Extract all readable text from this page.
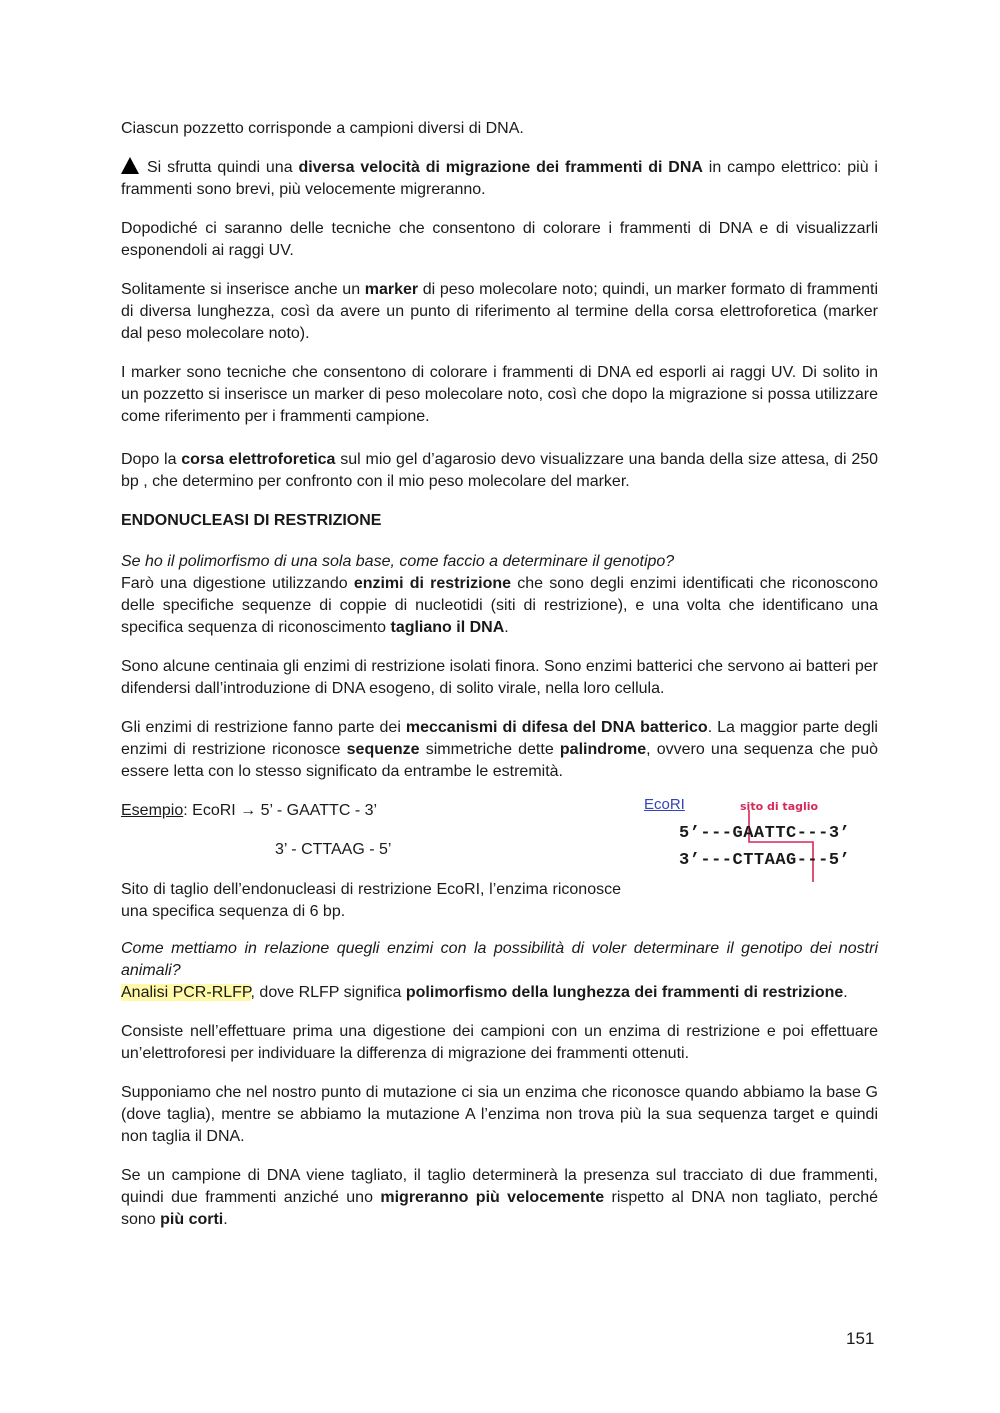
Ciascun pozzetto corrisponde a campioni diversi di DNA.

Si sfrutta quindi una diversa velocità di migrazione dei frammenti di DNA in campo elettrico: più i frammenti sono brevi, più velocemente migreranno.

Dopodiché ci saranno delle tecniche che consentono di colorare i frammenti di DNA e di visualizzarli esponendoli ai raggi UV.

Solitamente si inserisce anche un marker di peso molecolare noto; quindi, un marker formato di frammenti di diversa lunghezza, così da avere un punto di riferimento al termine della corsa elettroforetica (marker dal peso molecolare noto).

I marker sono tecniche che consentono di colorare i frammenti di DNA ed esporli ai raggi UV. Di solito in un pozzetto si inserisce un marker di peso molecolare noto, così che dopo la migrazione si possa utilizzare come riferimento per i frammenti campione.

Dopo la corsa elettroforetica sul mio gel d’agarosio devo visualizzare una banda della size attesa, di 250 bp , che determino per confronto con il mio peso molecolare del marker.

ENDONUCLEASI DI RESTRIZIONE

Se ho il polimorfismo di una sola base, come faccio a determinare il genotipo?

Farò una digestione utilizzando enzimi di restrizione che sono degli enzimi identificati che riconoscono delle specifiche sequenze di coppie di nucleotidi (siti di restrizione), e una volta che identificano una specifica sequenza di riconoscimento tagliano il DNA.

Sono alcune centinaia gli enzimi di restrizione isolati finora. Sono enzimi batterici che servono ai batteri per difendersi dall’introduzione di DNA esogeno, di solito virale, nella loro cellula.

Gli enzimi di restrizione fanno parte dei meccanismi di difesa del DNA batterico. La maggior parte degli enzimi di restrizione riconosce sequenze simmetriche dette palindrome, ovvero una sequenza che può essere letta con lo stesso significato da entrambe le estremità.

Esempio: EcoRI → 5’ - GAATTC - 3’
3’ - CTTAAG - 5’

Sito di taglio dell’endonucleasi di restrizione EcoRI, l’enzima riconosce una specifica sequenza di 6 bp.

EcoRI	sito di taglio
5’---GAATTC---3’
3’---CTTAAG---5’

Come mettiamo in relazione quegli enzimi con la possibilità di voler determinare il genotipo dei nostri animali?

Analisi PCR-RLFP, dove RLFP significa polimorfismo della lunghezza dei frammenti di restrizione.

Consiste nell’effettuare prima una digestione dei campioni con un enzima di restrizione e poi effettuare un’elettroforesi per individuare la differenza di migrazione dei frammenti ottenuti.

Supponiamo che nel nostro punto di mutazione ci sia un enzima che riconosce quando abbiamo la base G (dove taglia), mentre se abbiamo la mutazione A l’enzima non trova più la sua sequenza target e quindi non taglia il DNA.

Se un campione di DNA viene tagliato, il taglio determinerà la presenza sul tracciato di due frammenti, quindi due frammenti anziché uno migreranno più velocemente rispetto al DNA non tagliato, perché sono più corti.

151
